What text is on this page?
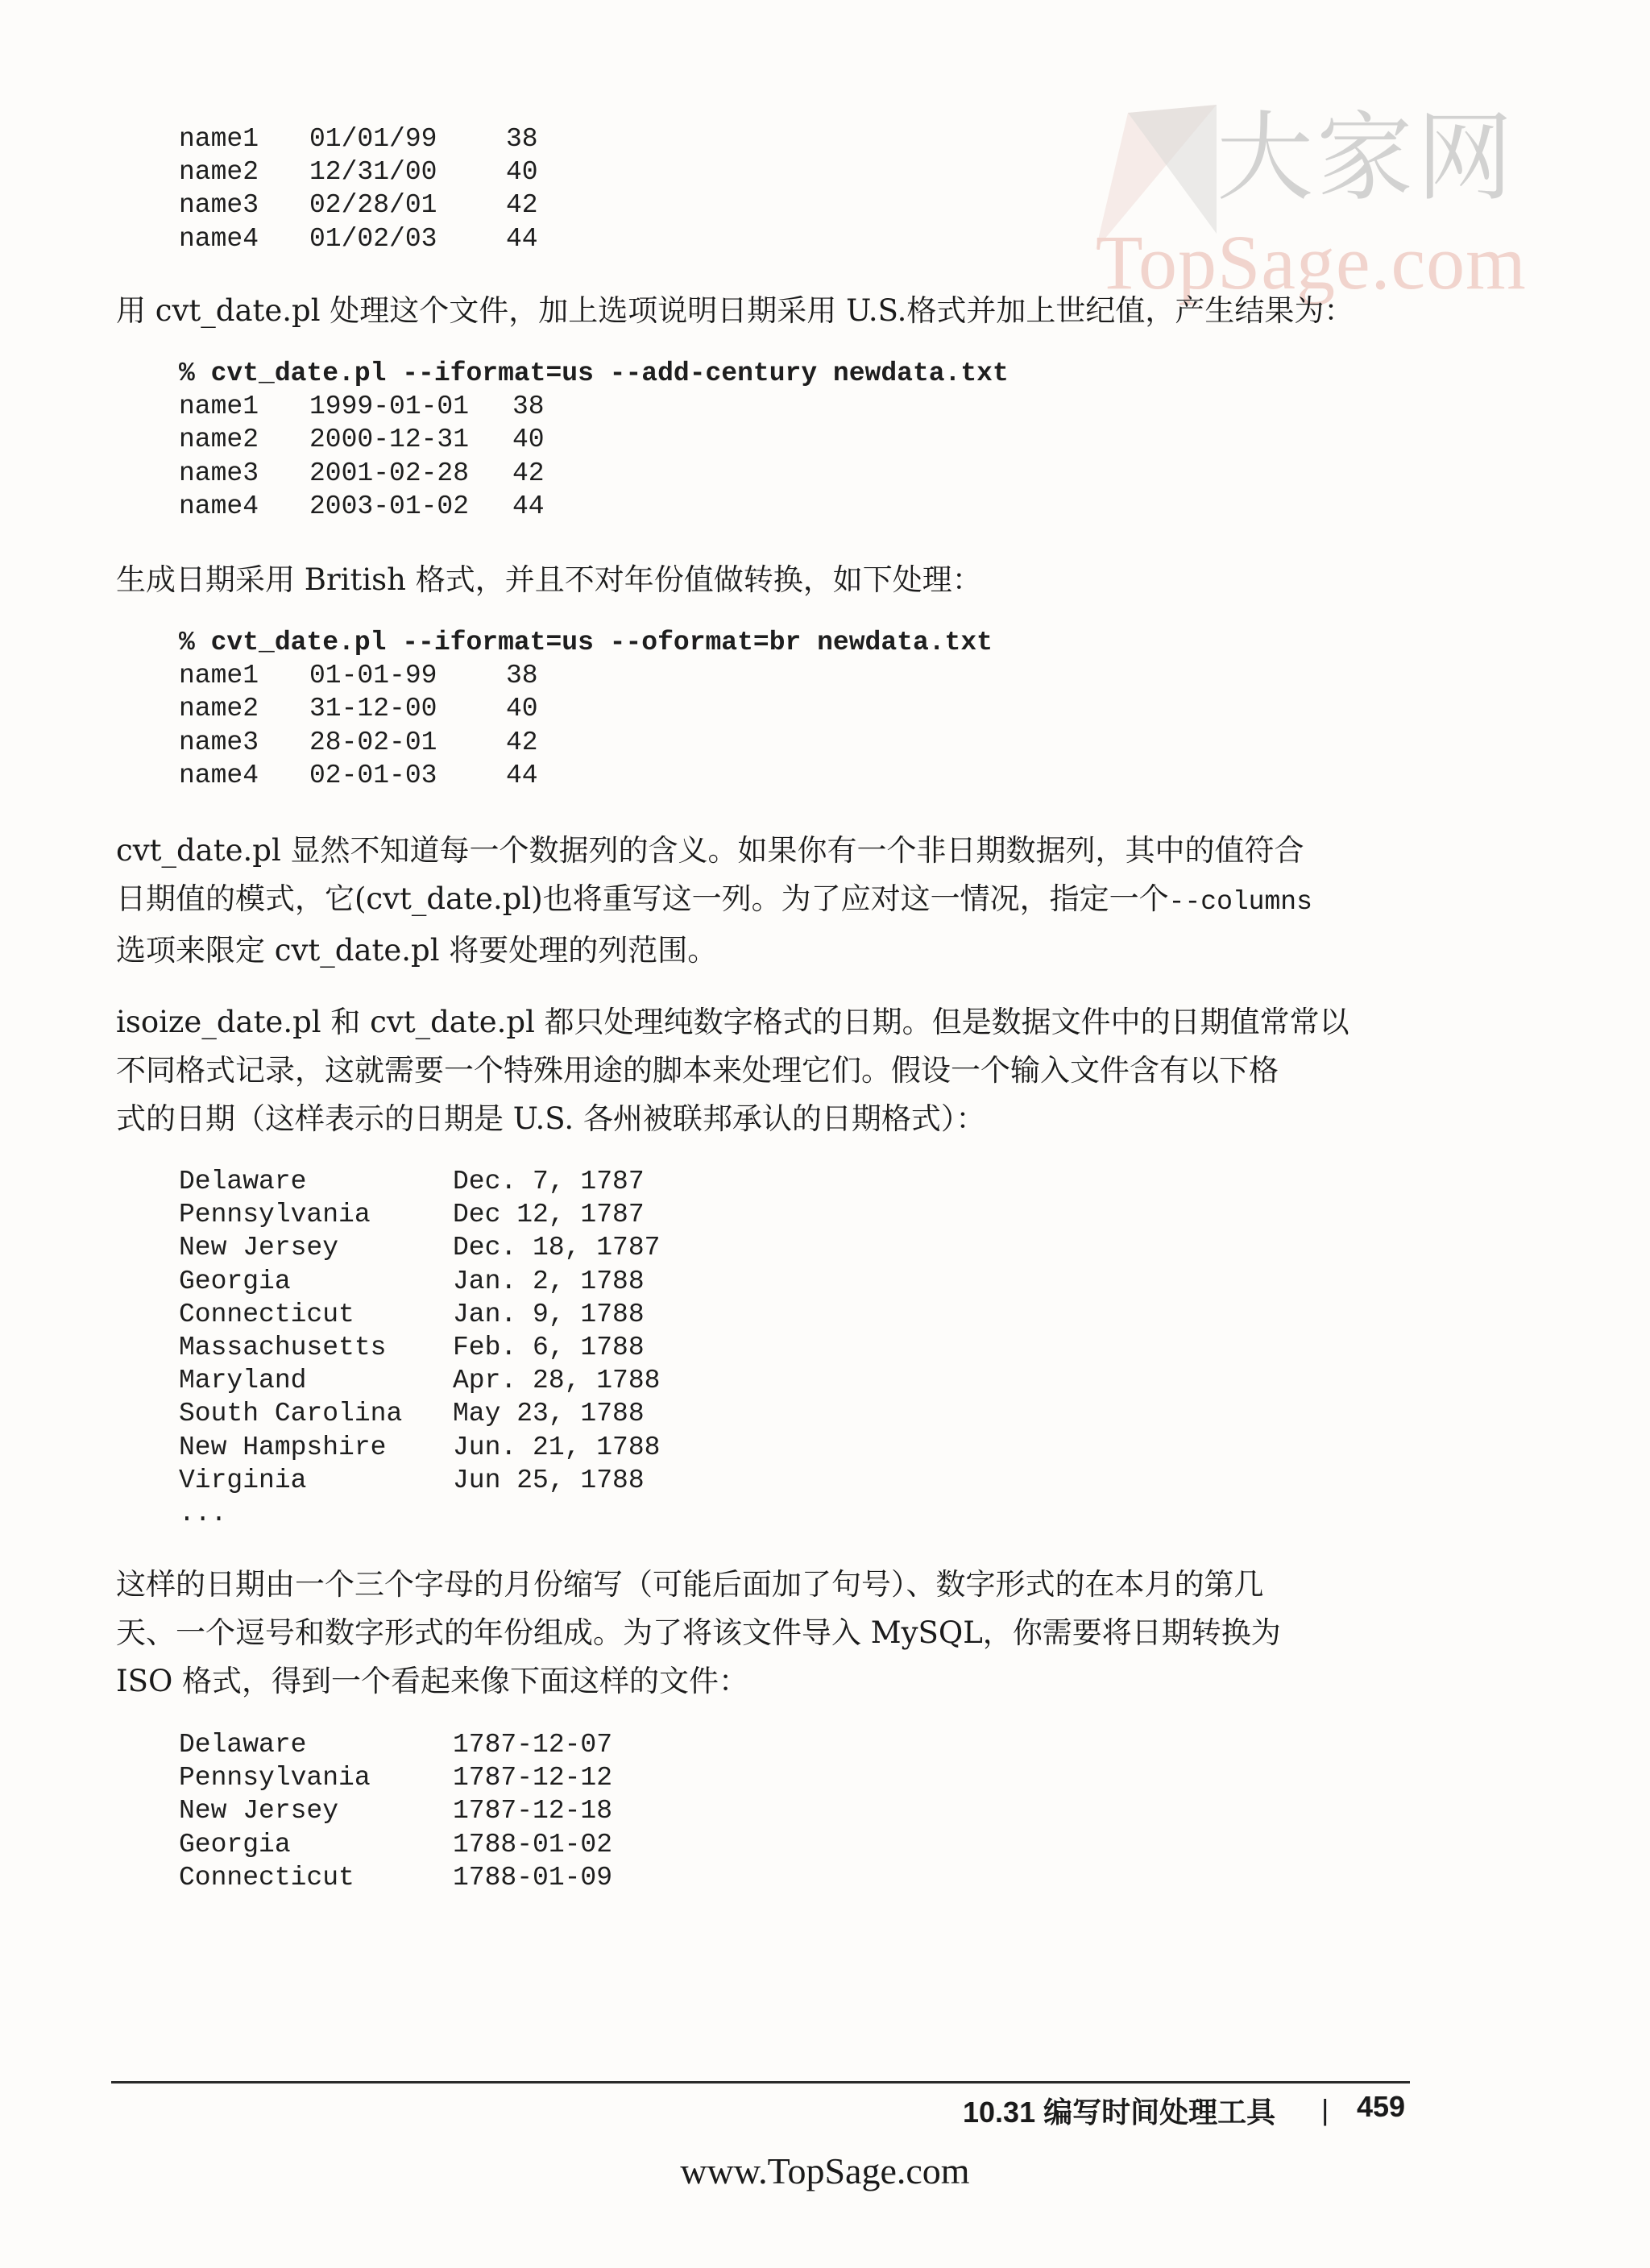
大家网
TopSage.com
name1 01/01/99	38
name2 12/31/00	40
name3 02/28/01	42
name4 01/02/03	44

用 cvt_date.pl 处理这个文件，加上选项说明日期采用 U.S.格式并加上世纪值，产生结果为：

% cvt_date.pl --iformat=us --add-century newdata.txt
name1 1999-01-01 38
name2 2000-12-31 40
name3 2001-02-28 42
name4 2003-01-02 44

生成日期采用 British 格式，并且不对年份值做转换，如下处理：

% cvt_date.pl --iformat=us --oformat=br newdata.txt
name1 01-01-99	38
name2 31-12-00	40
name3 28-02-01	42
name4 02-01-03	44
cvt_date.pl 显然不知道每一个数据列的含义。如果你有一个非日期数据列，其中的值符合
日期值的模式，它(cvt_date.pl)也将重写这一列。为了应对这一情况，指定一个--columns
选项来限定 cvt_date.pl 将要处理的列范围。
isoize_date.pl 和 cvt_date.pl 都只处理纯数字格式的日期。但是数据文件中的日期值常常以
不同格式记录，这就需要一个特殊用途的脚本来处理它们。假设一个输入文件含有以下格
式的日期（这样表示的日期是 U.S. 各州被联邦承认的日期格式）：
Delaware	Dec. 7, 1787
Pennsylvania	Dec 12, 1787
New Jersey	Dec. 18, 1787
Georgia	Jan. 2, 1788
Connecticut	Jan. 9, 1788
Massachusetts	Feb. 6, 1788
Maryland	Apr. 28, 1788
South Carolina May 23, 1788
New Hampshire	Jun. 21, 1788
Virginia	Jun 25, 1788
...
这样的日期由一个三个字母的月份缩写（可能后面加了句号）、数字形式的在本月的第几
天、一个逗号和数字形式的年份组成。为了将该文件导入 MySQL，你需要将日期转换为
ISO 格式，得到一个看起来像下面这样的文件：
Delaware	1787-12-07
Pennsylvania	1787-12-12
New Jersey	1787-12-18
Georgia	1788-01-02
Connecticut	1788-01-09
10.31 编写时间处理工具 | 459
www.TopSage.com
